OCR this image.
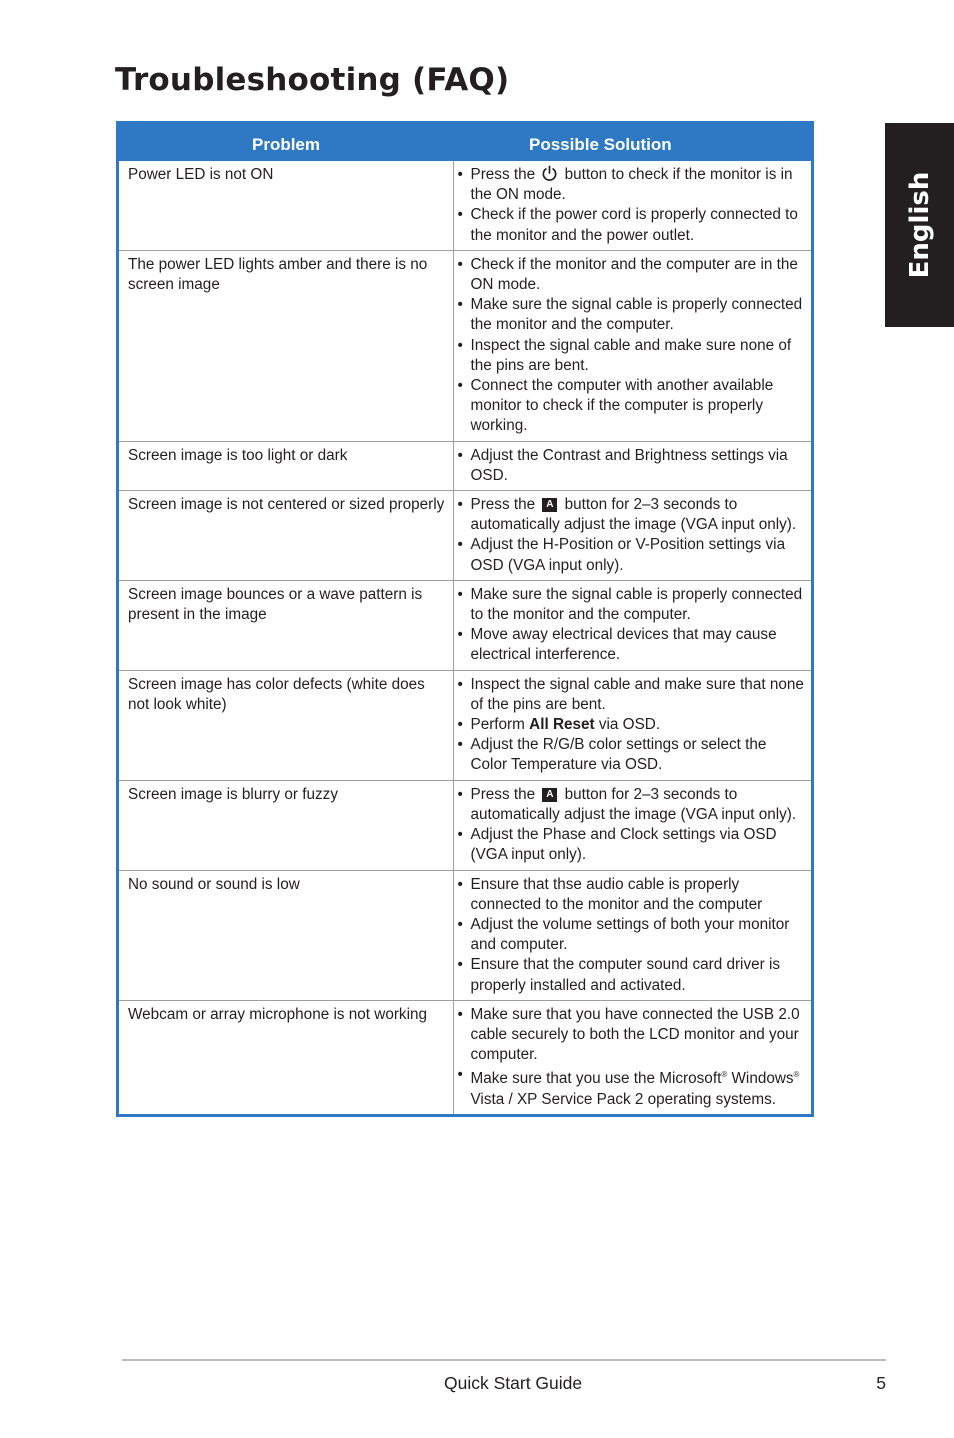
Troubleshooting (FAQ)
English
Problem	Possible Solution
Power LED is not ON	• Press the  button to check if the monitor is in the ON mode.
• Check if the power cord is properly connected to the monitor and the power outlet.

The power LED lights amber and there is no screen image	• Check if the monitor and the computer are in the ON mode.
• Make sure the signal cable is properly connected the monitor and the computer.
• Inspect the signal cable and make sure none of the pins are bent.
• Connect the computer with another available monitor to check if the computer is properly working.

Screen image is too light or dark	• Adjust the Contrast and Brightness settings via OSD.

Screen image is not centered or sized properly	• Press the A button for 2–3 seconds to automatically adjust the image (VGA input only).
• Adjust the H-Position or V-Position settings via OSD (VGA input only).

Screen image bounces or a wave pattern is present in the image	• Make sure the signal cable is properly connected to the monitor and the computer.
• Move away electrical devices that may cause electrical interference.

Screen image has color defects (white does not look white)	• Inspect the signal cable and make sure that none of the pins are bent.
• Perform All Reset via OSD.
• Adjust the R/G/B color settings or select the Color Temperature via OSD.

Screen image is blurry or fuzzy	• Press the A button for 2–3 seconds to automatically adjust the image (VGA input only).
• Adjust the Phase and Clock settings via OSD (VGA input only).

No sound or sound is low	• Ensure that thse audio cable is properly connected to the monitor and the computer
• Adjust the volume settings of both your monitor and computer.
• Ensure that the computer sound card driver is properly installed and activated.

Webcam or array microphone is not working	• Make sure that you have connected the USB 2.0 cable securely to both the LCD monitor and your computer.
• Make sure that you use the Microsoft® Windows® Vista / XP Service Pack 2 operating systems.
Quick Start Guide	5
